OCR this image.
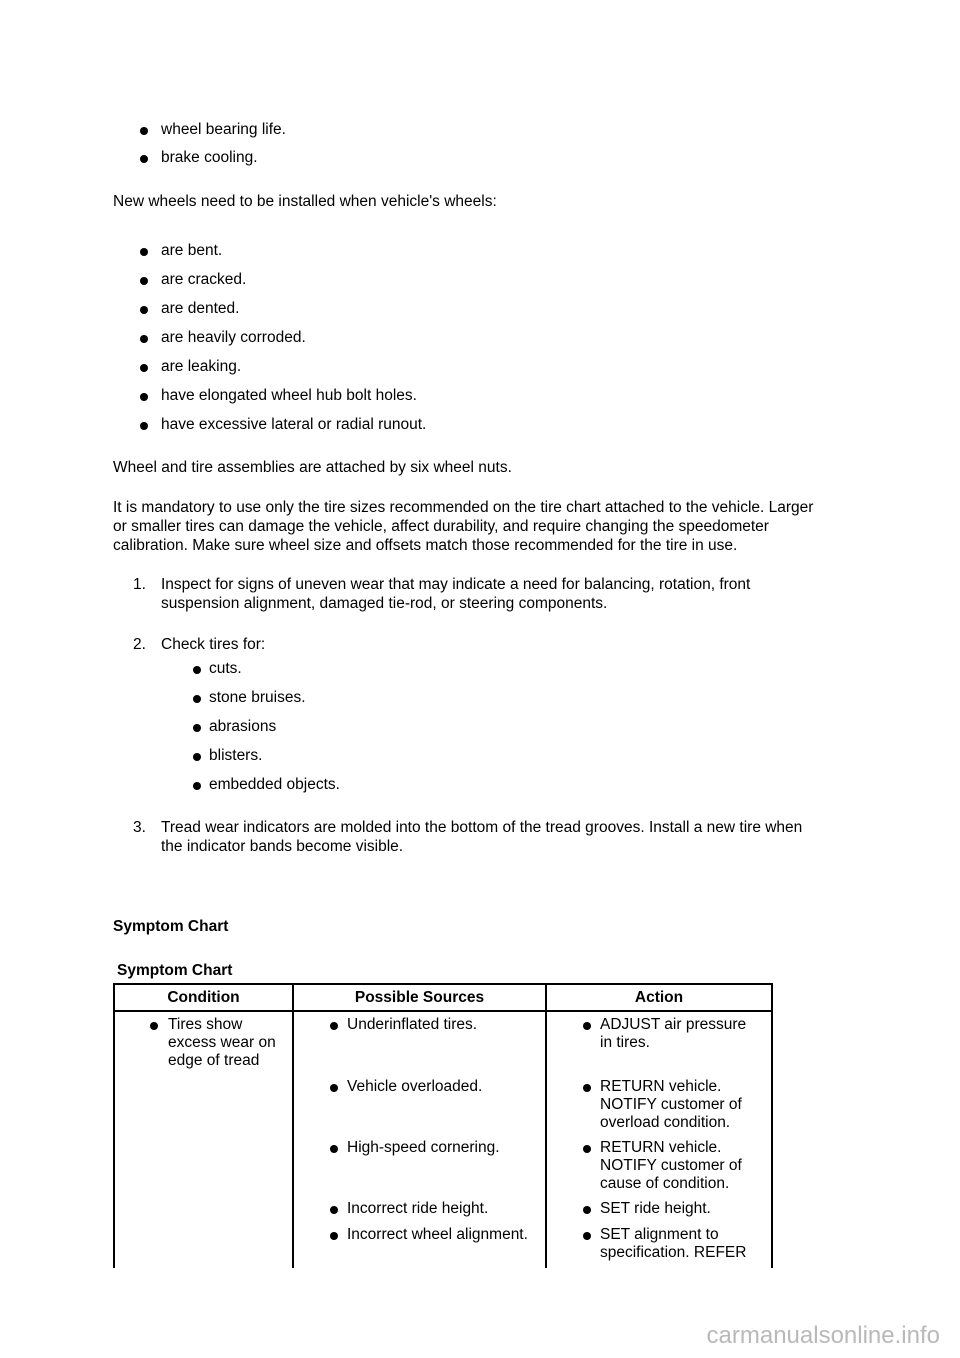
wheel bearing life.
brake cooling.
New wheels need to be installed when vehicle's wheels:
are bent.
are cracked.
are dented.
are heavily corroded.
are leaking.
have elongated wheel hub bolt holes.
have excessive lateral or radial runout.
Wheel and tire assemblies are attached by six wheel nuts.
It is mandatory to use only the tire sizes recommended on the tire chart attached to the vehicle. Larger
or smaller tires can damage the vehicle, affect durability, and require changing the speedometer
calibration. Make sure wheel size and offsets match those recommended for the tire in use.
1. Inspect for signs of uneven wear that may indicate a need for balancing, rotation, front
suspension alignment, damaged tie-rod, or steering components.
2. Check tires for:
cuts.
stone bruises.
abrasions
blisters.
embedded objects.
3. Tread wear indicators are molded into the bottom of the tread grooves. Install a new tire when
the indicator bands become visible.
Symptom Chart
Symptom Chart
Condition	Possible Sources	Action
Tires show
excess wear on
edge of tread
Underinflated tires.
Vehicle overloaded.
High-speed cornering.
Incorrect ride height.
Incorrect wheel alignment.
ADJUST air pressure
in tires.
RETURN vehicle.
NOTIFY customer of
overload condition.
RETURN vehicle.
NOTIFY customer of
cause of condition.
SET ride height.
SET alignment to
specification. REFER
carmanualsonline.info
